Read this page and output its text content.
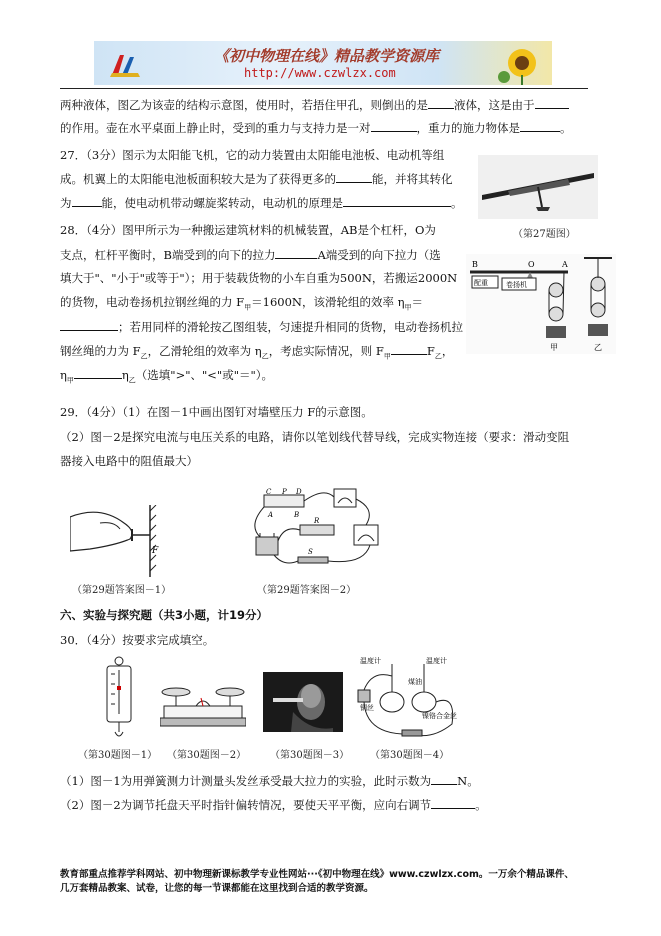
《初中物理在线》精品教学资源库
http://www.czwlzx.com
两种液体，图乙为该壶的结构示意图，使用时，若捂住甲孔，则倒出的是 液体，这是由于
的作用。壶在水平桌面上静止时，受到的重力与支持力是一对	，重力的施力物体是	。
27．（3分）图示为太阳能飞机，它的动力装置由太阳能电池板、电动机等组
成。机翼上的太阳能电池板面积较大是为了获得更多的	能，并将其转化
为	能，使电动机带动螺旋桨转动，电动机的原理是	。
（第27题图）
28．（4分）图甲所示为一种搬运建筑材料的机械装置，AB是个杠杆，O为
支点，杠杆平衡时，B端受到的向下的拉力	A端受到的向下拉力（选
填大于"、"小于"或等于"）；用于装载货物的小车自重为500N，若搬运2000N
的货物，电动卷扬机拉钢丝绳的力 $F_甲=1600N$，该滑轮组的效率 $\eta_甲=$
；若用同样的滑轮按乙图组装，匀速提升相同的货物，电动卷扬机拉
钢丝绳的力为 $F_乙$，乙滑轮组的效率为 $\eta_乙$，考虑实际情况，则 $F_甲$	$F_乙$，
$\eta_甲$	$\eta_乙$（选填">"、"<"或"＝"）。
B	O	A
配重	卷扬机
甲	乙
29．（4分）（1）在图－1中画出图钉对墙壁压力 F的示意图。
（2）图－2是探究电流与电压关系的电路，请你以笔划线代替导线，完成实物连接（要求：滑动变阻
器接入电路中的阻值最大）
F
（第29题答案图－1）
C P D
A	B
R
S
（第29题答案图－2）
六、实验与探究题（共3小题，计19分）
30．（4分）按要求完成填空。
（第30题图－1） （第30题图－2） （第30题图－3）
温度计	温度计
煤油
铜丝
镍铬合金丝
（第30题图－4）
（1）图－1为用弹簧测力计测量头发丝承受最大拉力的实验，此时示数为 N。
（2）图－2为调节托盘天平时指针偏转情况，要使天平平衡，应向右调节	。
教育部重点推荐学科网站、初中物理新课标教学专业性网站···《初中物理在线》www.czwlzx.com。一万余个精品课件、
几万套精品教案、试卷，让您的每一节课都能在这里找到合适的教学资源。
